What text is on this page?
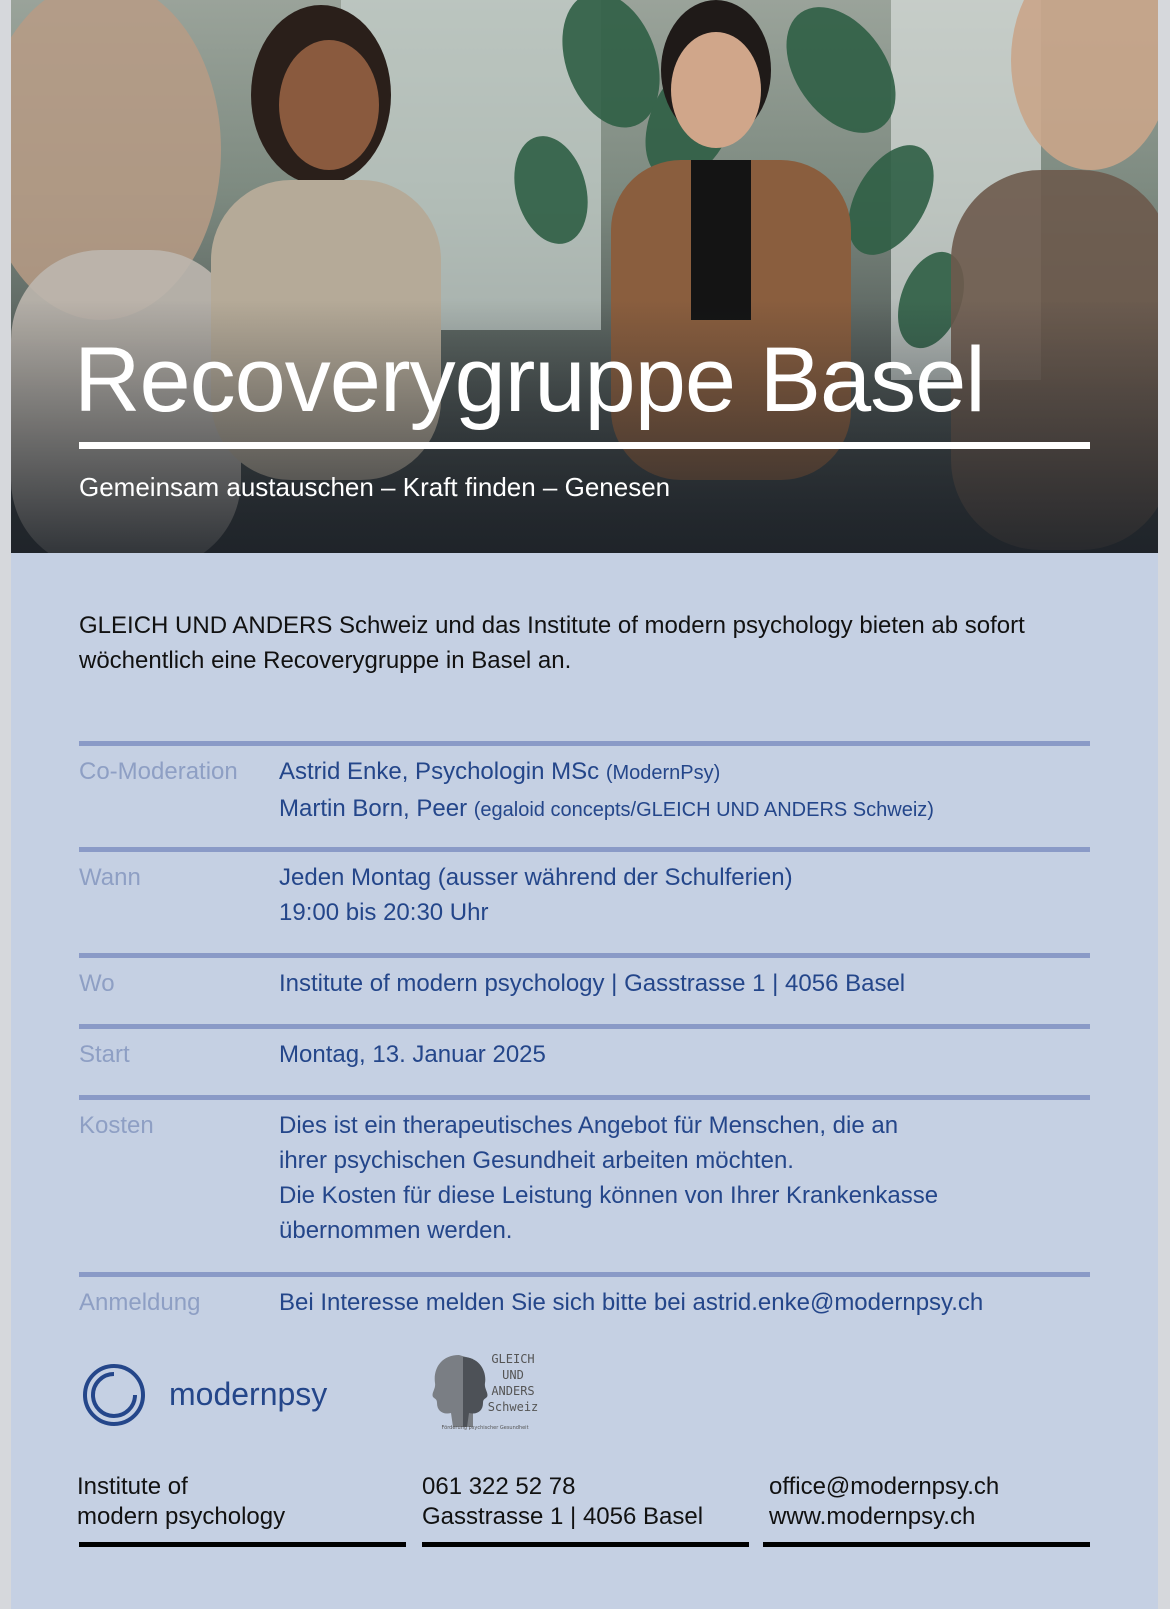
Recoverygruppe Basel
Gemeinsam austauschen – Kraft finden – Genesen
GLEICH UND ANDERS Schweiz und das Institute of modern psychology bieten ab sofort wöchentlich eine Recoverygruppe in Basel an.
Co-Moderation	Astrid Enke, Psychologin MSc (ModernPsy)
Martin Born, Peer (egaloid concepts/GLEICH UND ANDERS Schweiz)
Wann	Jeden Montag (ausser während der Schulferien)
19:00 bis 20:30 Uhr
Wo	Institute of modern psychology | Gasstrasse 1 | 4056 Basel
Start	Montag, 13. Januar 2025
Kosten	Dies ist ein therapeutisches Angebot für Menschen, die an
ihrer psychischen Gesundheit arbeiten möchten.
Die Kosten für diese Leistung können von Ihrer Krankenkasse
übernommen werden.
Anmeldung	Bei Interesse melden Sie sich bitte bei astrid.enke@modernpsy.ch
modernpsy
GLEICH
UND
ANDERS
Schweiz
Förderung psychischer Gesundheit
Institute of
modern psychology
061 322 52 78
Gasstrasse 1 | 4056 Basel
office@modernpsy.ch
www.modernpsy.ch
